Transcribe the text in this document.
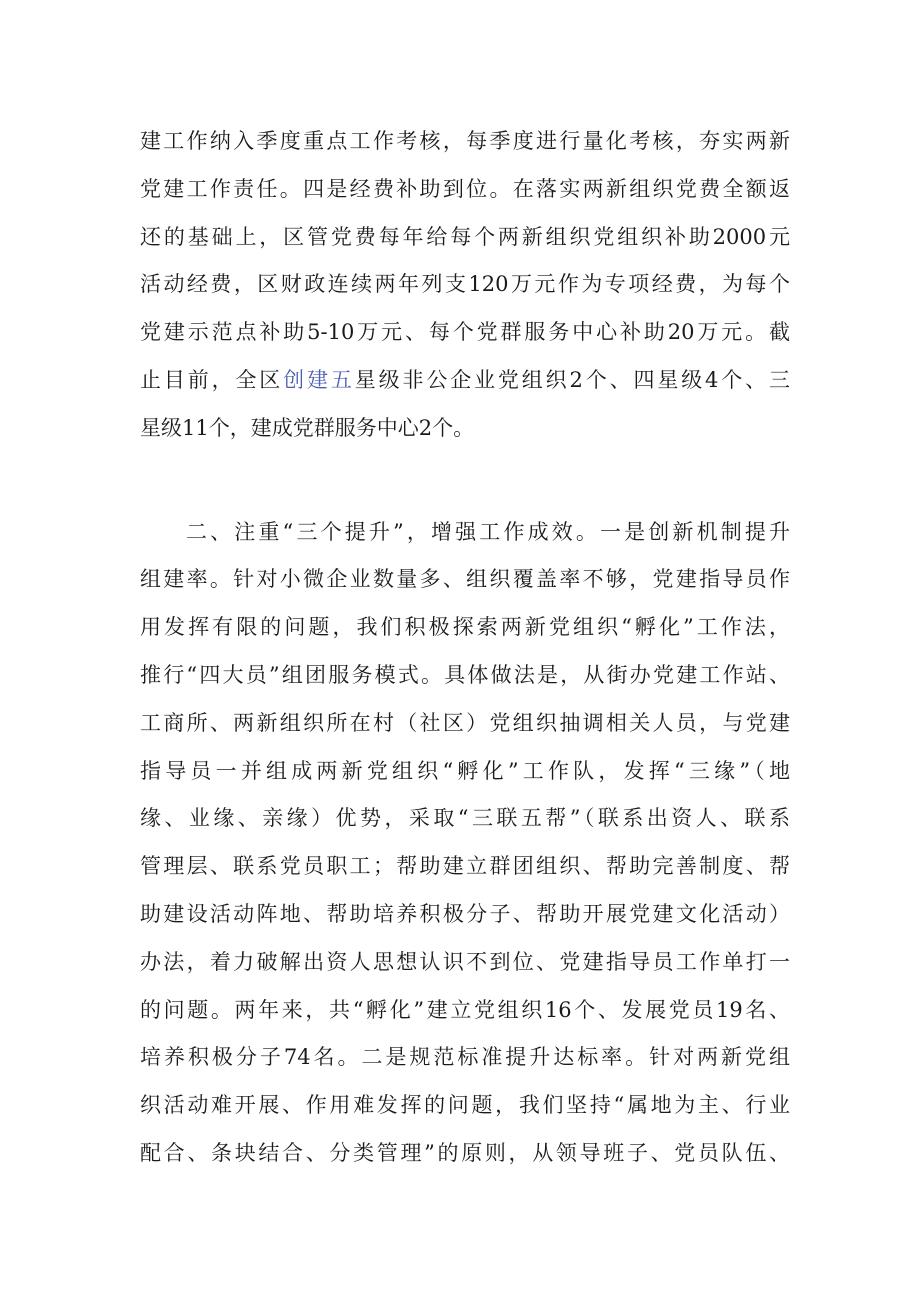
建工作纳入季度重点工作考核，每季度进行量化考核，夯实两新
党建工作责任。四是经费补助到位。在落实两新组织党费全额返
还的基础上，区管党费每年给每个两新组织党组织补助2000元
活动经费，区财政连续两年列支120万元作为专项经费，为每个
党建示范点补助5-10万元、每个党群服务中心补助20万元。截
止目前，全区创建五星级非公企业党组织2个、四星级4个、三
星级11个，建成党群服务中心2个。
二、注重“三个提升”，增强工作成效。一是创新机制提升
组建率。针对小微企业数量多、组织覆盖率不够，党建指导员作
用发挥有限的问题，我们积极探索两新党组织“孵化”工作法，
推行“四大员”组团服务模式。具体做法是，从街办党建工作站、
工商所、两新组织所在村（社区）党组织抽调相关人员，与党建
指导员一并组成两新党组织“孵化”工作队，发挥“三缘”（地
缘、业缘、亲缘）优势，采取“三联五帮”（联系出资人、联系
管理层、联系党员职工；帮助建立群团组织、帮助完善制度、帮
助建设活动阵地、帮助培养积极分子、帮助开展党建文化活动）
办法，着力破解出资人思想认识不到位、党建指导员工作单打一
的问题。两年来，共“孵化”建立党组织16个、发展党员19名、
培养积极分子74名。二是规范标准提升达标率。针对两新党组
织活动难开展、作用难发挥的问题，我们坚持“属地为主、行业
配合、条块结合、分类管理”的原则，从领导班子、党员队伍、
